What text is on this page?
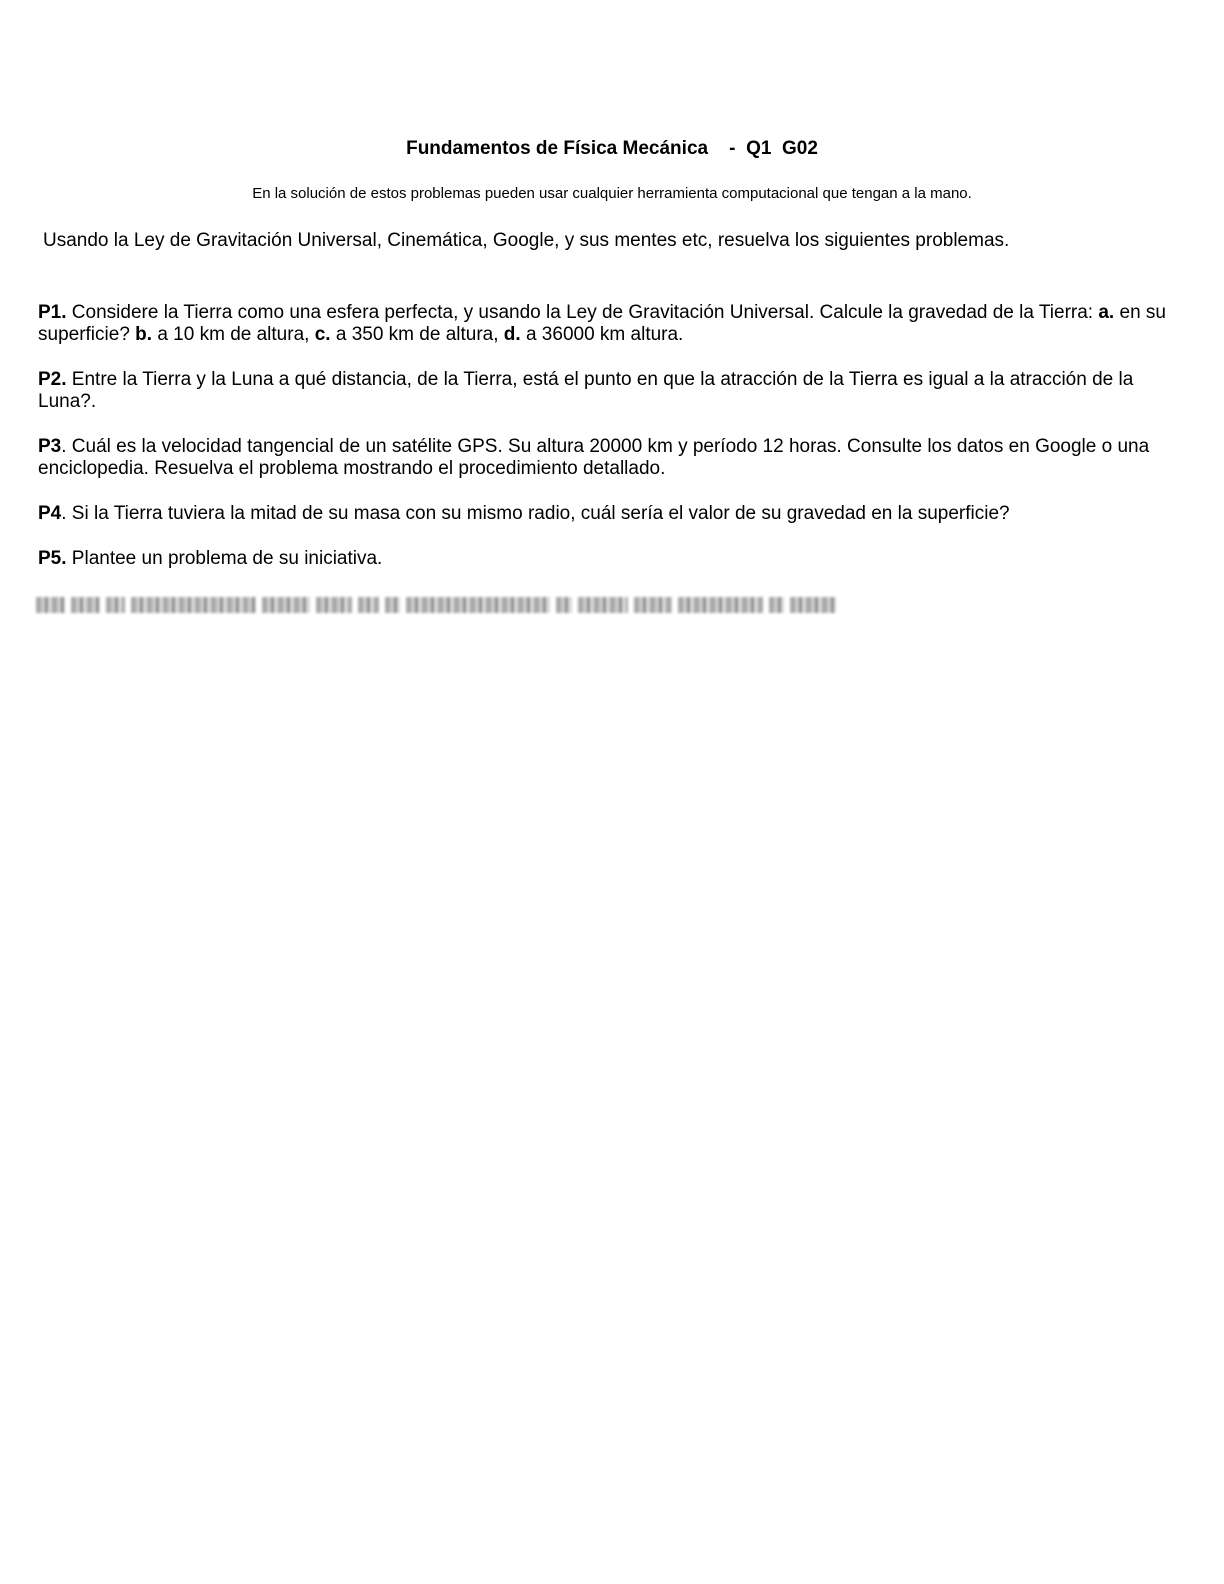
Fundamentos de Física Mecánica    -  Q1  G02

En la solución de estos problemas pueden usar cualquier herramienta computacional que tengan a la mano.

Usando la Ley de Gravitación Universal, Cinemática, Google, y sus mentes etc, resuelva los siguientes problemas.

P1. Considere la Tierra como una esfera perfecta, y usando la Ley de Gravitación Universal. Calcule la gravedad de la Tierra: a. en su superficie? b. a 10 km de altura, c. a 350 km de altura, d. a 36000 km altura.

P2. Entre la Tierra y la Luna a qué distancia, de la Tierra, está el punto en que la atracción de la Tierra es igual a la atracción de la Luna?.

P3. Cuál es la velocidad tangencial de un satélite GPS. Su altura 20000 km y período 12 horas. Consulte los datos en Google o una enciclopedia. Resuelva el problema mostrando el procedimiento detallado.

P4. Si la Tierra tuviera la mitad de su masa con su mismo radio, cuál sería el valor de su gravedad en la superficie?

P5. Plantee un problema de su iniciativa.
